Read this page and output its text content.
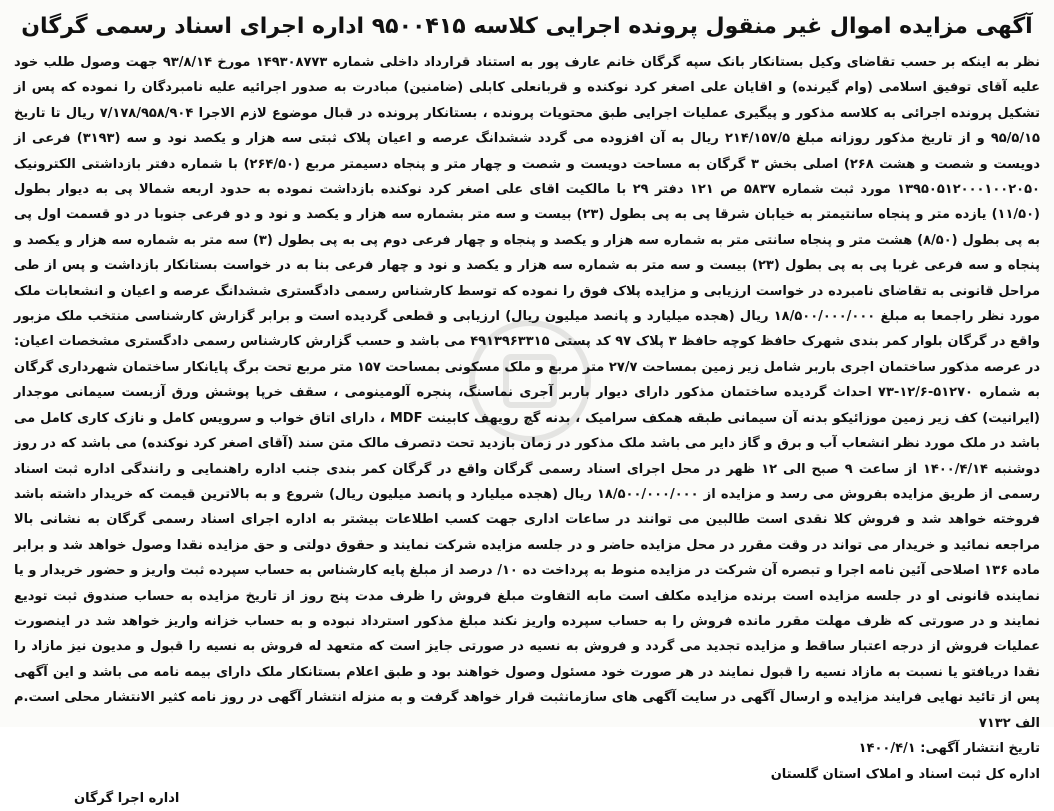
آگهی مزایده اموال غیر منقول پرونده اجرایی کلاسه ۹۵۰۰۴۱۵ اداره اجرای اسناد رسمی گرگان

نظر به اینکه بر حسب تقاضای وکیل بستانکار بانک سپه گرگان خانم عارف پور به استناد قرارداد داخلی شماره ۱۴۹۳۰۸۷۷۳ مورخ ۹۳/۸/۱۴ جهت وصول طلب خود علیه آقای توفیق اسلامی (وام گیرنده) و اقایان علی اصغر کرد نوکنده و قربانعلی کابلی (ضامنین) مبادرت به صدور اجرائیه علیه نامبردگان را نموده که پس از تشکیل پرونده اجرائی به کلاسه مذکور و پیگیری عملیات اجرایی طبق محتویات پرونده ، بستانکار پرونده در قبال موضوع لازم الاجرا ۷/۱۷۸/۹۵۸/۹۰۴ ریال تا تاریخ ۹۵/۵/۱۵ و از تاریخ مذکور روزانه مبلغ ۲۱۴/۱۵۷/۵ ریال به آن افزوده می گردد ششدانگ عرصه و اعیان پلاک ثبتی سه هزار و یکصد نود و سه (۳۱۹۳) فرعی از دویست و شصت و هشت ۲۶۸) اصلی بخش ۳ گرگان به مساحت دویست و شصت و چهار متر و پنجاه دسیمتر مربع (۲۶۴/۵۰) با شماره دفتر بازداشتی الکترونیک ۱۳۹۵۰۵۱۲۰۰۰۱۰۰۲۰۵۰ مورد ثبت شماره ۵۸۳۷ ص ۱۲۱ دفتر ۲۹ با مالکیت اقای علی اصغر کرد نوکنده بازداشت نموده به حدود اربعه شمالا پی به دیوار بطول (۱۱/۵۰) یازده متر و پنجاه سانتیمتر به خیابان شرقا پی به پی بطول (۲۳) بیست و سه متر بشماره سه هزار و یکصد و نود و دو فرعی جنوبا در دو قسمت اول پی به پی بطول (۸/۵۰) هشت متر و پنجاه سانتی متر به شماره سه هزار و یکصد و پنجاه و چهار فرعی دوم پی به پی بطول (۳) سه متر به شماره سه هزار و یکصد و پنجاه و سه فرعی غربا پی به پی بطول (۲۳) بیست و سه متر به شماره سه هزار و یکصد و نود و چهار فرعی بنا به در خواست بستانکار بازداشت و پس از طی مراحل قانونی به تقاضای نامبرده در خواست ارزیابی و مزایده پلاک فوق را نموده که توسط کارشناس رسمی دادگستری ششدانگ عرصه و اعیان و انشعابات ملک مورد نظر راجمعا به مبلغ ۱۸/۵۰۰/۰۰۰/۰۰۰ ریال (هجده میلیارد و پانصد میلیون ریال) ارزیابی و قطعی گردیده است و برابر گزارش کارشناسی منتخب ملک مزبور واقع در گرگان بلوار کمر بندی شهرک حافظ کوچه حافظ ۳ پلاک ۹۷ کد پستی ۴۹۱۳۹۶۳۳۱۵ می باشد و حسب گزارش کارشناس رسمی دادگستری مشخصات اعیان: در عرصه مذکور ساختمان اجری باربر شامل زیر زمین بمساحت ۲۷/۷ متر مربع و ملک مسکونی بمساحت ۱۵۷ متر مربع تحت برگ پایانکار ساختمان شهرداری گرگان به شماره ۵۱۲۷۰-۱۲/۶-۷۳ احداث گردیده ساختمان مذکور دارای دیوار باربر آجری نماسنگ، پنجره آلومینومی ، سقف خرپا پوشش ورق آزبست سیمانی موجدار (ایرانیت) کف زیر زمین موزائیکو بدنه آن سیمانی طبقه همکف سرامیک ، بدنه گچ رویهف کابینت MDF ، دارای اتاق خواب و سرویس کامل و نازک کاری کامل می باشد در ملک مورد نظر انشعاب آب و برق و گاز دایر می باشد ملک مذکور در زمان بازدید تحت دتصرف مالک متن سند (آقای اصغر کرد نوکنده) می باشد که در روز دوشنبه ۱۴۰۰/۴/۱۴ از ساعت ۹ صبح الی ۱۲ ظهر در محل اجرای اسناد رسمی گرگان واقع در گرگان کمر بندی جنب اداره راهنمایی و رانندگی اداره ثبت اسناد رسمی از طریق مزایده بفروش می رسد و مزایده از ۱۸/۵۰۰/۰۰۰/۰۰۰ ریال (هجده میلیارد و پانصد میلیون ریال) شروع و به بالاترین قیمت که خریدار داشته باشد فروخته خواهد شد و فروش کلا نقدی است طالبین می توانند در ساعات اداری جهت کسب اطلاعات بیشتر به اداره اجرای اسناد رسمی گرگان به نشانی بالا مراجعه نمائید و خریدار می تواند در وقت مقرر در محل مزایده حاضر و در جلسه مزایده شرکت نمایند و حقوق دولتی و حق مزایده نقدا وصول خواهد شد و برابر ماده ۱۳۶ اصلاحی آئین نامه اجرا و تبصره آن شرکت در مزایده منوط به پرداخت ده ۱۰/ درصد از مبلغ پایه کارشناس به حساب سپرده ثبت واریز و حضور خریدار و یا نماینده قانونی او در جلسه مزایده است برنده مزایده مکلف است مابه التفاوت مبلغ فروش را ظرف مدت پنج روز از تاریخ مزایده به حساب صندوق ثبت تودیع نمایند و در صورتی که ظرف مهلت مقرر مانده فروش را به حساب سپرده واریز نکند مبلغ مذکور استرداد نبوده و به حساب خزانه واریز خواهد شد در اینصورت عملیات فروش از درجه اعتبار ساقط و مزایده تجدید می گردد و فروش به نسیه در صورتی جایز است که متعهد له فروش به نسیه را قبول و مدیون نیز مازاد را نقدا دریافتو یا نسبت به مازاد نسیه را قبول نمایند در هر صورت خود مسئول وصول خواهند بود و طبق اعلام بستانکار ملک دارای بیمه نامه می باشد و این آگهی پس از تائید نهایی فرایند مزایده و ارسال آگهی در سایت آگهی های سازمانثبت قرار خواهد گرفت و به منزله انتشار آگهی در روز نامه کثیر الانتشار محلی است.م الف ۷۱۳۲

تاریخ انتشار آگهی: ۱۴۰۰/۴/۱
اداره کل ثبت اسناد و املاک استان گلستان
اداره اجرا گرگان
